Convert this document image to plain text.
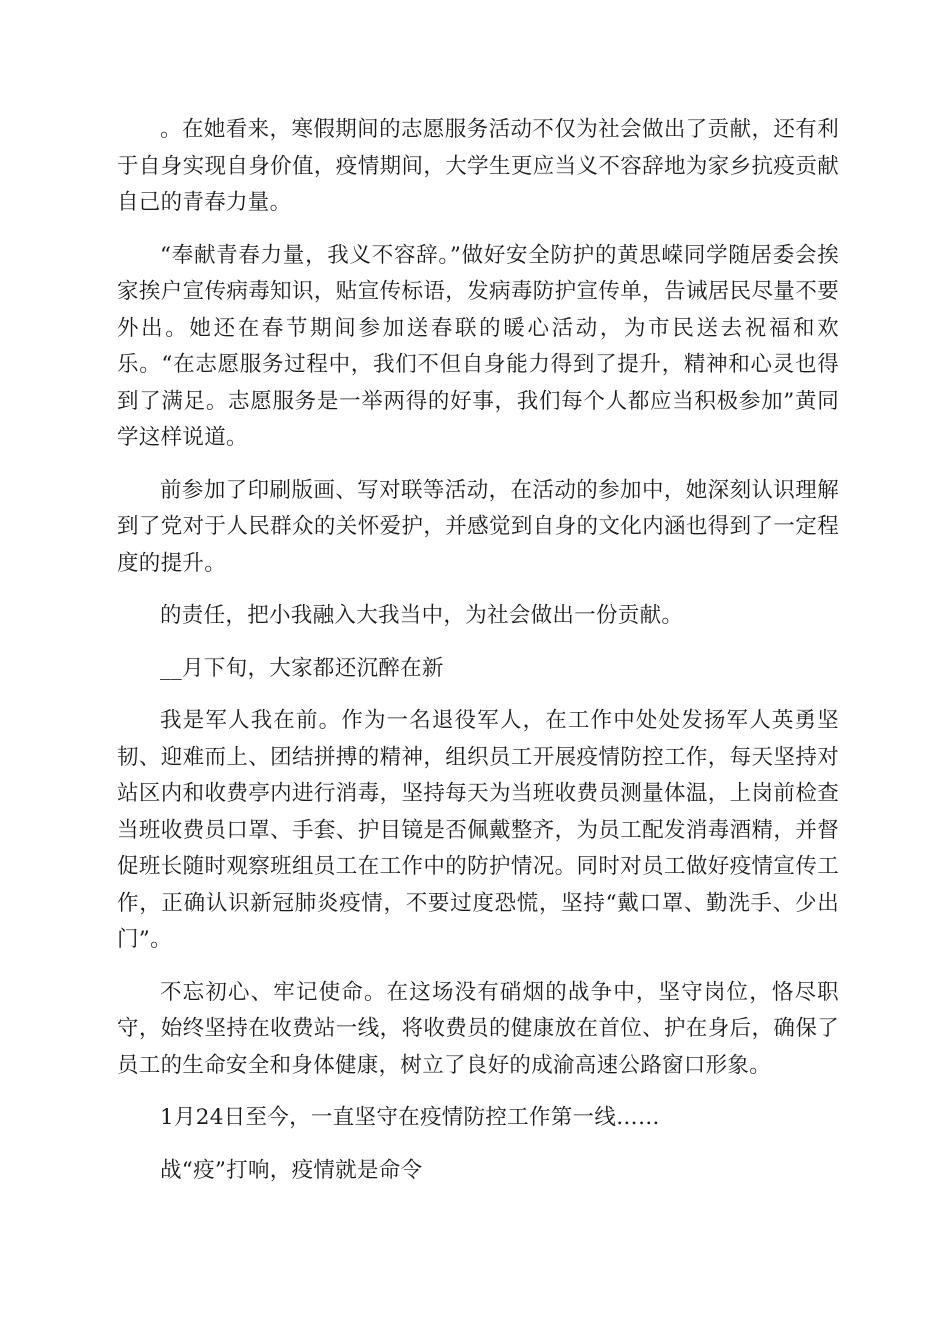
。在她看来，寒假期间的志愿服务活动不仅为社会做出了贡献，还有利于自身实现自身价值，疫情期间，大学生更应当义不容辞地为家乡抗疫贡献自己的青春力量。

“奉献青春力量，我义不容辞。”做好安全防护的黄思嵘同学随居委会挨家挨户宣传病毒知识，贴宣传标语，发病毒防护宣传单，告诫居民尽量不要外出。她还在春节期间参加送春联的暖心活动，为市民送去祝福和欢乐。“在志愿服务过程中，我们不但自身能力得到了提升，精神和心灵也得到了满足。志愿服务是一举两得的好事，我们每个人都应当积极参加”黄同学这样说道。

前参加了印刷版画、写对联等活动，在活动的参加中，她深刻认识理解到了党对于人民群众的关怀爱护，并感觉到自身的文化内涵也得到了一定程度的提升。

的责任，把小我融入大我当中，为社会做出一份贡献。

__月下旬，大家都还沉醉在新

我是军人我在前。作为一名退役军人，在工作中处处发扬军人英勇坚韧、迎难而上、团结拼搏的精神，组织员工开展疫情防控工作，每天坚持对站区内和收费亭内进行消毒，坚持每天为当班收费员测量体温，上岗前检查当班收费员口罩、手套、护目镜是否佩戴整齐，为员工配发消毒酒精，并督促班长随时观察班组员工在工作中的防护情况。同时对员工做好疫情宣传工作，正确认识新冠肺炎疫情，不要过度恐慌，坚持“戴口罩、勤洗手、少出门”。

不忘初心、牢记使命。在这场没有硝烟的战争中，坚守岗位，恪尽职守，始终坚持在收费站一线，将收费员的健康放在首位、护在身后，确保了员工的生命安全和身体健康，树立了良好的成渝高速公路窗口形象。

1月24日至今，一直坚守在疫情防控工作第一线……

战“疫”打响，疫情就是命令
